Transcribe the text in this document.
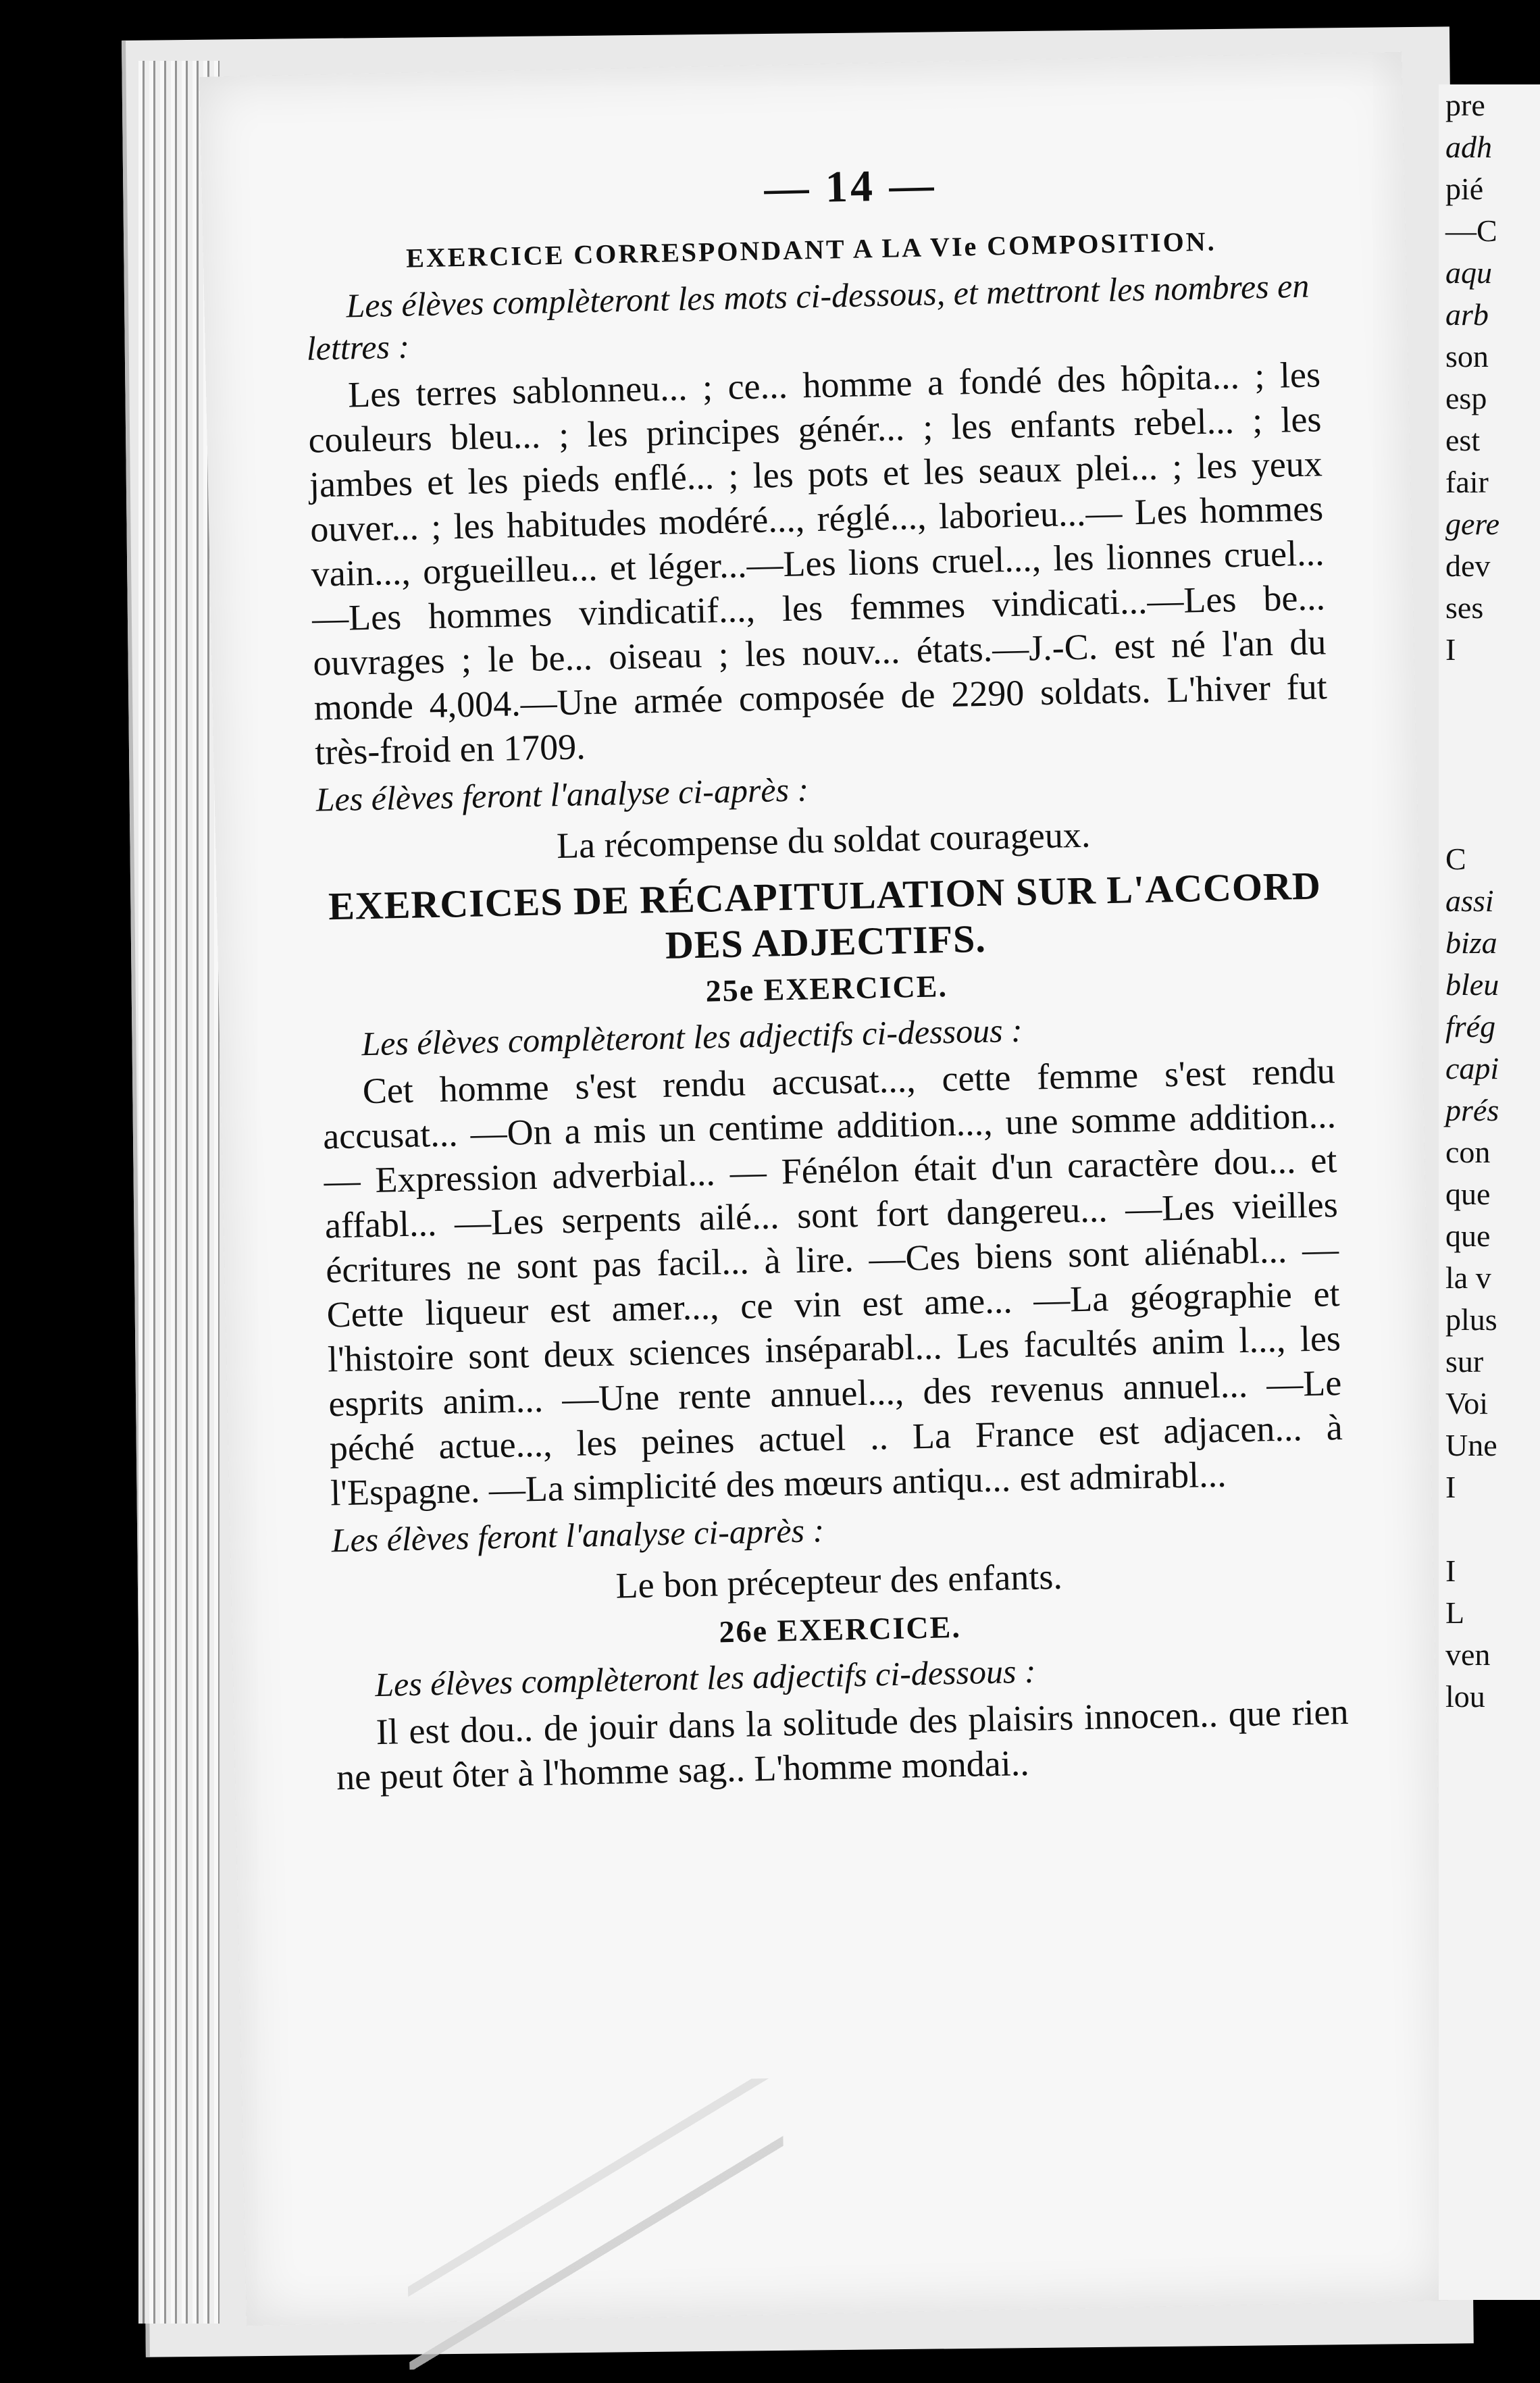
— 14 —
EXERCICE CORRESPONDANT A LA VIe COMPOSITION.
Les élèves complèteront les mots ci-dessous, et mettront les nombres en lettres :
Les terres sablonneu... ; ce... homme a fondé des hôpita... ; les couleurs bleu... ; les principes génér... ; les enfants rebel... ; les jambes et les pieds enflé... ; les pots et les seaux plei... ; les yeux ouver... ; les habitudes modéré..., réglé..., laborieu...— Les hommes vain..., orgueilleu... et léger...—Les lions cruel..., les lionnes cruel... —Les hommes vindicatif..., les femmes vindicati...—Les be... ouvrages ; le be... oiseau ; les nouv... états.—J.-C. est né l'an du monde 4,004.—Une armée composée de 2290 soldats. L'hiver fut très-froid en 1709.
Les élèves feront l'analyse ci-après :
La récompense du soldat courageux.
EXERCICES DE RÉCAPITULATION SUR L'ACCORD DES ADJECTIFS.
25e EXERCICE.
Les élèves complèteront les adjectifs ci-dessous :
Cet homme s'est rendu accusat..., cette femme s'est rendu accusat... —On a mis un centime addition..., une somme addition... — Expression adverbial... — Fénélon était d'un caractère dou... et affabl... —Les serpents ailé... sont fort dangereu... —Les vieilles écritures ne sont pas facil... à lire. —Ces biens sont aliénabl... — Cette liqueur est amer..., ce vin est ame... —La géographie et l'histoire sont deux sciences inséparabl... Les facultés anim l..., les esprits anim... —Une rente annuel..., des revenus annuel... —Le péché actue..., les peines actuel .. La France est adjacen... à l'Espagne. —La simplicité des mœurs antiqu... est admirabl...
Les élèves feront l'analyse ci-après :
Le bon précepteur des enfants.
26e EXERCICE.
Les élèves complèteront les adjectifs ci-dessous :
Il est dou.. de jouir dans la solitude des plaisirs innocen.. que rien ne peut ôter à l'homme sag.. L'homme mondai..
pre
adh
pié
—C
aqu
arb
son
esp
est
fair
gere
dev
ses
I
C
assi
biza
bleu
frég
capi
prés
con
que
que
la v
plus
sur
Voi
Une
I
I
L
ven
lou
